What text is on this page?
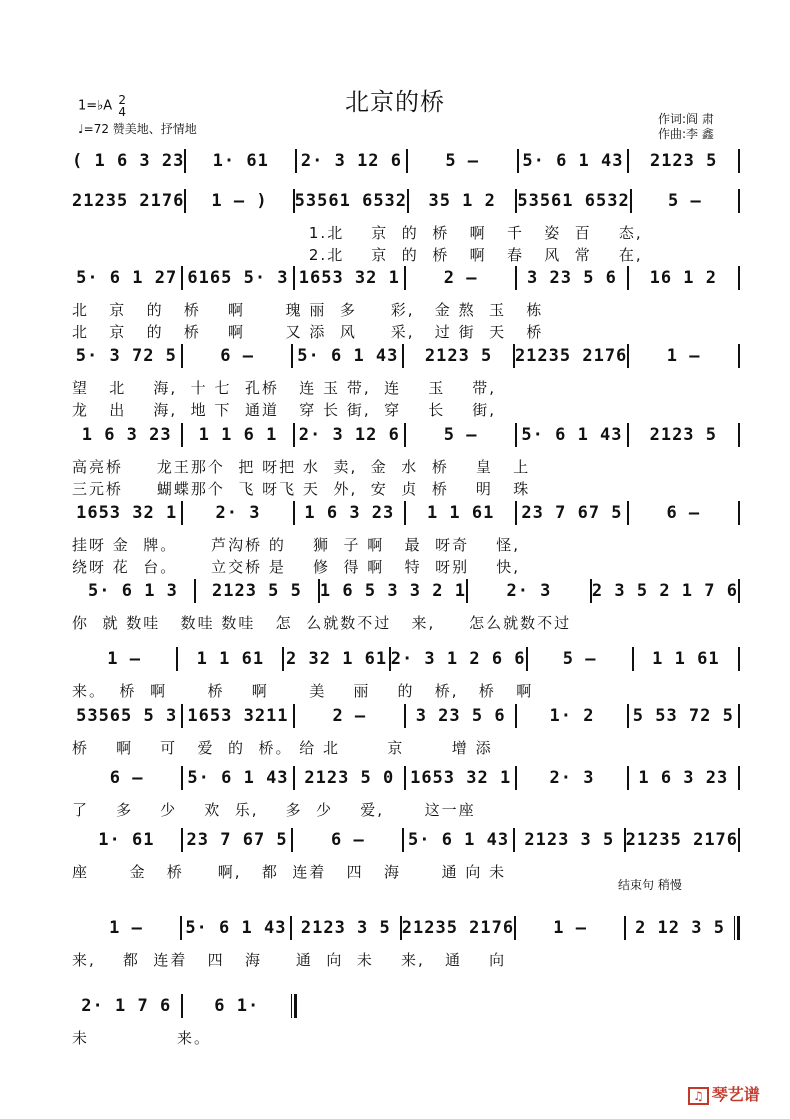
北京的桥
1=♭A 2
4
♩=72 赞美地、抒情地
作词:阎 肃
作曲:李 鑫
( 1 6 3 23	1· 61	2· 3 12 6	5 –	5· 6 1 43	2123 5
21235 2176	1 – )	53561 6532	35 1 2	53561 6532	5 –
1.北    京  的  桥   啊   千   姿  百    态,
2.北    京  的  桥   啊   春   风  常    在,
5· 6 1 27 6165 5· 3 1653 32 1	2 –	3 23 5 6	16 1 2
北   京   的   桥    啊      瑰 丽  多     彩,   金 熬  玉   栋
北   京   的   桥    啊      又 添  风     采,   过 街  天   桥
5· 3 72 5	6 –	5· 6 1 43	2123 5	21235 2176	1 –
望   北    海,  十 七  孔桥   连 玉 带,  连    玉    带,
龙   出    海,  地 下  通道   穿 长 街,  穿    长    街,
1 6 3 23	1 1 6 1	2· 3 12 6	5 –	5· 6 1 43	2123 5
高亮桥     龙王那个  把 呀把 水  卖,  金  水  桥    皇   上
三元桥     蝴蝶那个  飞 呀飞 天  外,  安  贞  桥    明   珠
1653 32 1	2· 3	1 6 3 23	1 1 61	23 7 67 5	6 –
挂呀 金  牌。     芦沟桥 的    狮  子 啊   最  呀奇    怪,
绕呀 花  台。     立交桥 是    修  得 啊   特  呀别    快,
5· 6 1 3	2123 5 5	1 6 5 3 3 2 1	2· 3	2 3 5 2 1 7 6
你  就 数哇   数哇 数哇   怎  么就数不过   来,     怎么就数不过
1 –	1 1 61	2 32 1 61 2· 3 1 2 6 6	5 –	1 1 61
来。  桥  啊      桥    啊      美    丽    的   桥,   桥   啊
53565 5 3 1653 3211	2 –	3 23 5 6	1· 2	5 53 72 5
桥    啊    可   爱  的  桥。 给 北       京       增 添
6 –	5· 6 1 43 2123 5 0 1653 32 1	2· 3	1 6 3 23
了    多    少    欢  乐,    多  少    爱,      这一座
1· 61	23 7 67 5	6 –	5· 6 1 43 2123 3 5 21235 2176
座      金   桥     啊,   都  连着   四   海      通 向 未
1 –	5· 6 1 43 2123 3 5 21235 2176	1 –	2 12 3 5
来,    都  连着   四   海     通  向  未    来,   通    向
2· 1 7 6	6 1·
未             来。
结束句 稍慢
♫ 琴艺谱
